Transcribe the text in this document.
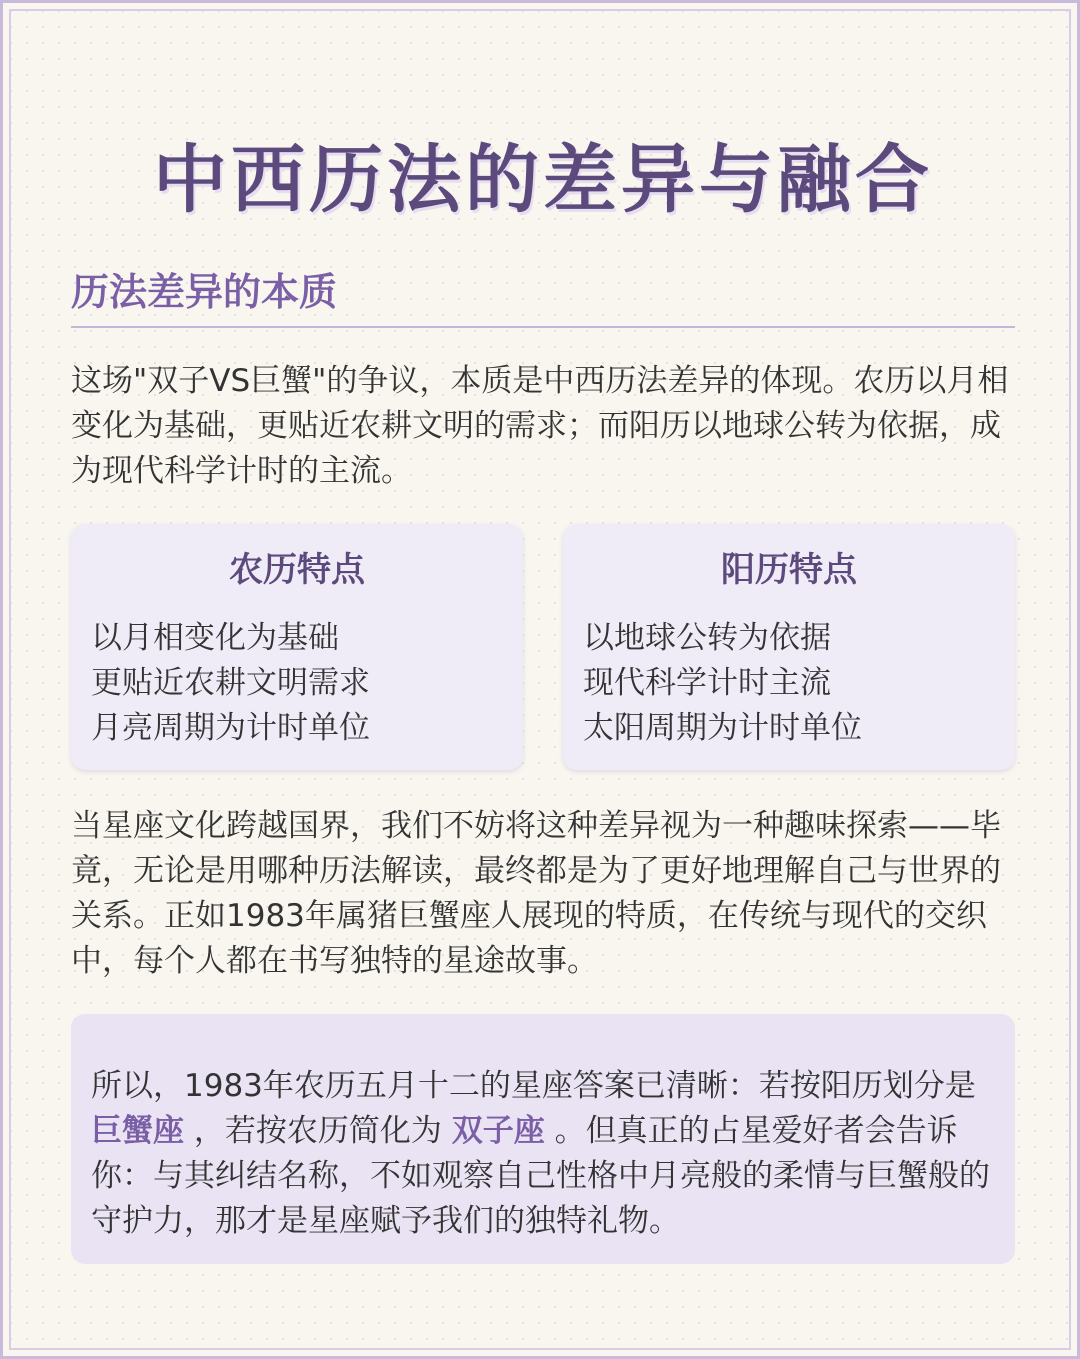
中西历法的差异与融合
历法差异的本质

这场"双子VS巨蟹"的争议，本质是中西历法差异的体现。农历以月相变化为基础，更贴近农耕文明的需求；而阳历以地球公转为依据，成为现代科学计时的主流。

农历特点
以月相变化为基础
更贴近农耕文明需求
月亮周期为计时单位
阳历特点
以地球公转为依据
现代科学计时主流
太阳周期为计时单位

当星座文化跨越国界，我们不妨将这种差异视为一种趣味探索——毕竟，无论是用哪种历法解读，最终都是为了更好地理解自己与世界的关系。正如1983年属猪巨蟹座人展现的特质，在传统与现代的交织中，每个人都在书写独特的星途故事。

所以，1983年农历五月十二的星座答案已清晰：若按阳历划分是 巨蟹座 ，若按农历简化为 双子座 。但真正的占星爱好者会告诉你：与其纠结名称，不如观察自己性格中月亮般的柔情与巨蟹般的守护力，那才是星座赋予我们的独特礼物。
